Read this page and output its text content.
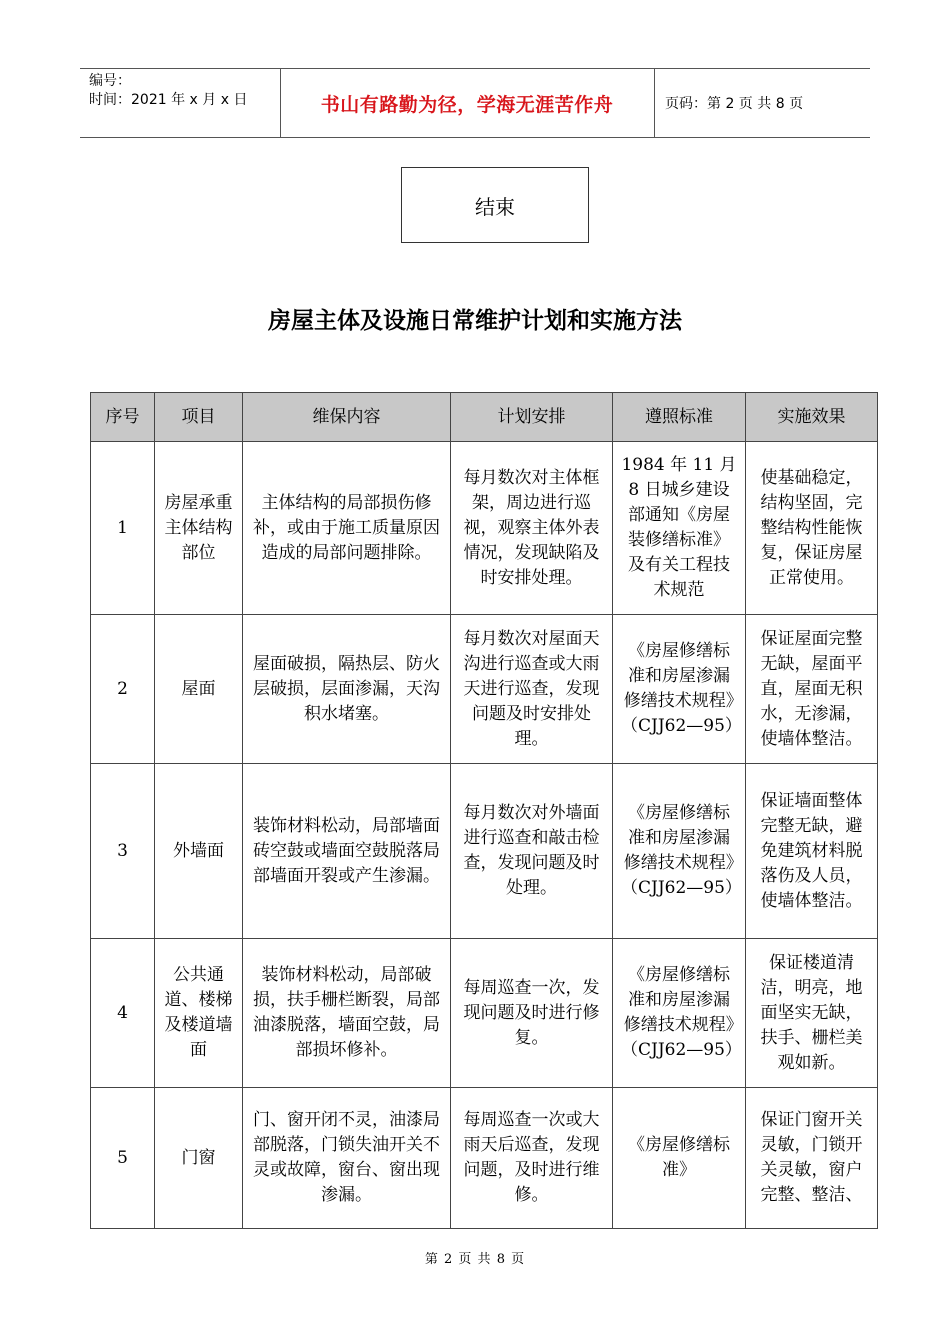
编号：
时间：2021 年 x 月 x 日	书山有路勤为径，学海无涯苦作舟	页码：第 2 页 共 8 页
结束
房屋主体及设施日常维护计划和实施方法
序号	项目	维保内容	计划安排	遵照标准	实施效果
1	房屋承重主体结构部位	主体结构的局部损伤修补，或由于施工质量原因造成的局部问题排除。	每月数次对主体框架，周边进行巡视，观察主体外表情况，发现缺陷及时安排处理。	1984 年 11 月 8 日城乡建设部通知《房屋装修缮标准》及有关工程技术规范	使基础稳定，结构坚固，完整结构性能恢复，保证房屋正常使用。
2	屋面	屋面破损，隔热层、防火层破损，层面渗漏，天沟积水堵塞。	每月数次对屋面天沟进行巡查或大雨天进行巡查，发现问题及时安排处理。	《房屋修缮标准和房屋渗漏修缮技术规程》（CJJ62—95）	保证屋面完整无缺，屋面平直，屋面无积水，无渗漏，使墙体整洁。
3	外墙面	装饰材料松动，局部墙面砖空鼓或墙面空鼓脱落局部墙面开裂或产生渗漏。	每月数次对外墙面进行巡查和敲击检查，发现问题及时处理。	《房屋修缮标准和房屋渗漏修缮技术规程》（CJJ62—95）	保证墙面整体完整无缺，避免建筑材料脱落伤及人员，使墙体整洁。
4	公共通道、楼梯及楼道墙面	装饰材料松动，局部破损，扶手栅栏断裂，局部油漆脱落，墙面空鼓，局部损坏修补。	每周巡查一次，发现问题及时进行修复。	《房屋修缮标准和房屋渗漏修缮技术规程》（CJJ62—95）	保证楼道清洁，明亮，地面坚实无缺，扶手、栅栏美观如新。
5	门窗	门、窗开闭不灵，油漆局部脱落，门锁失油开关不灵或故障，窗台、窗出现渗漏。	每周巡查一次或大雨天后巡查，发现问题，及时进行维修。	《房屋修缮标准》	保证门窗开关灵敏，门锁开关灵敏，窗户完整、整洁、
第 2 页 共 8 页
